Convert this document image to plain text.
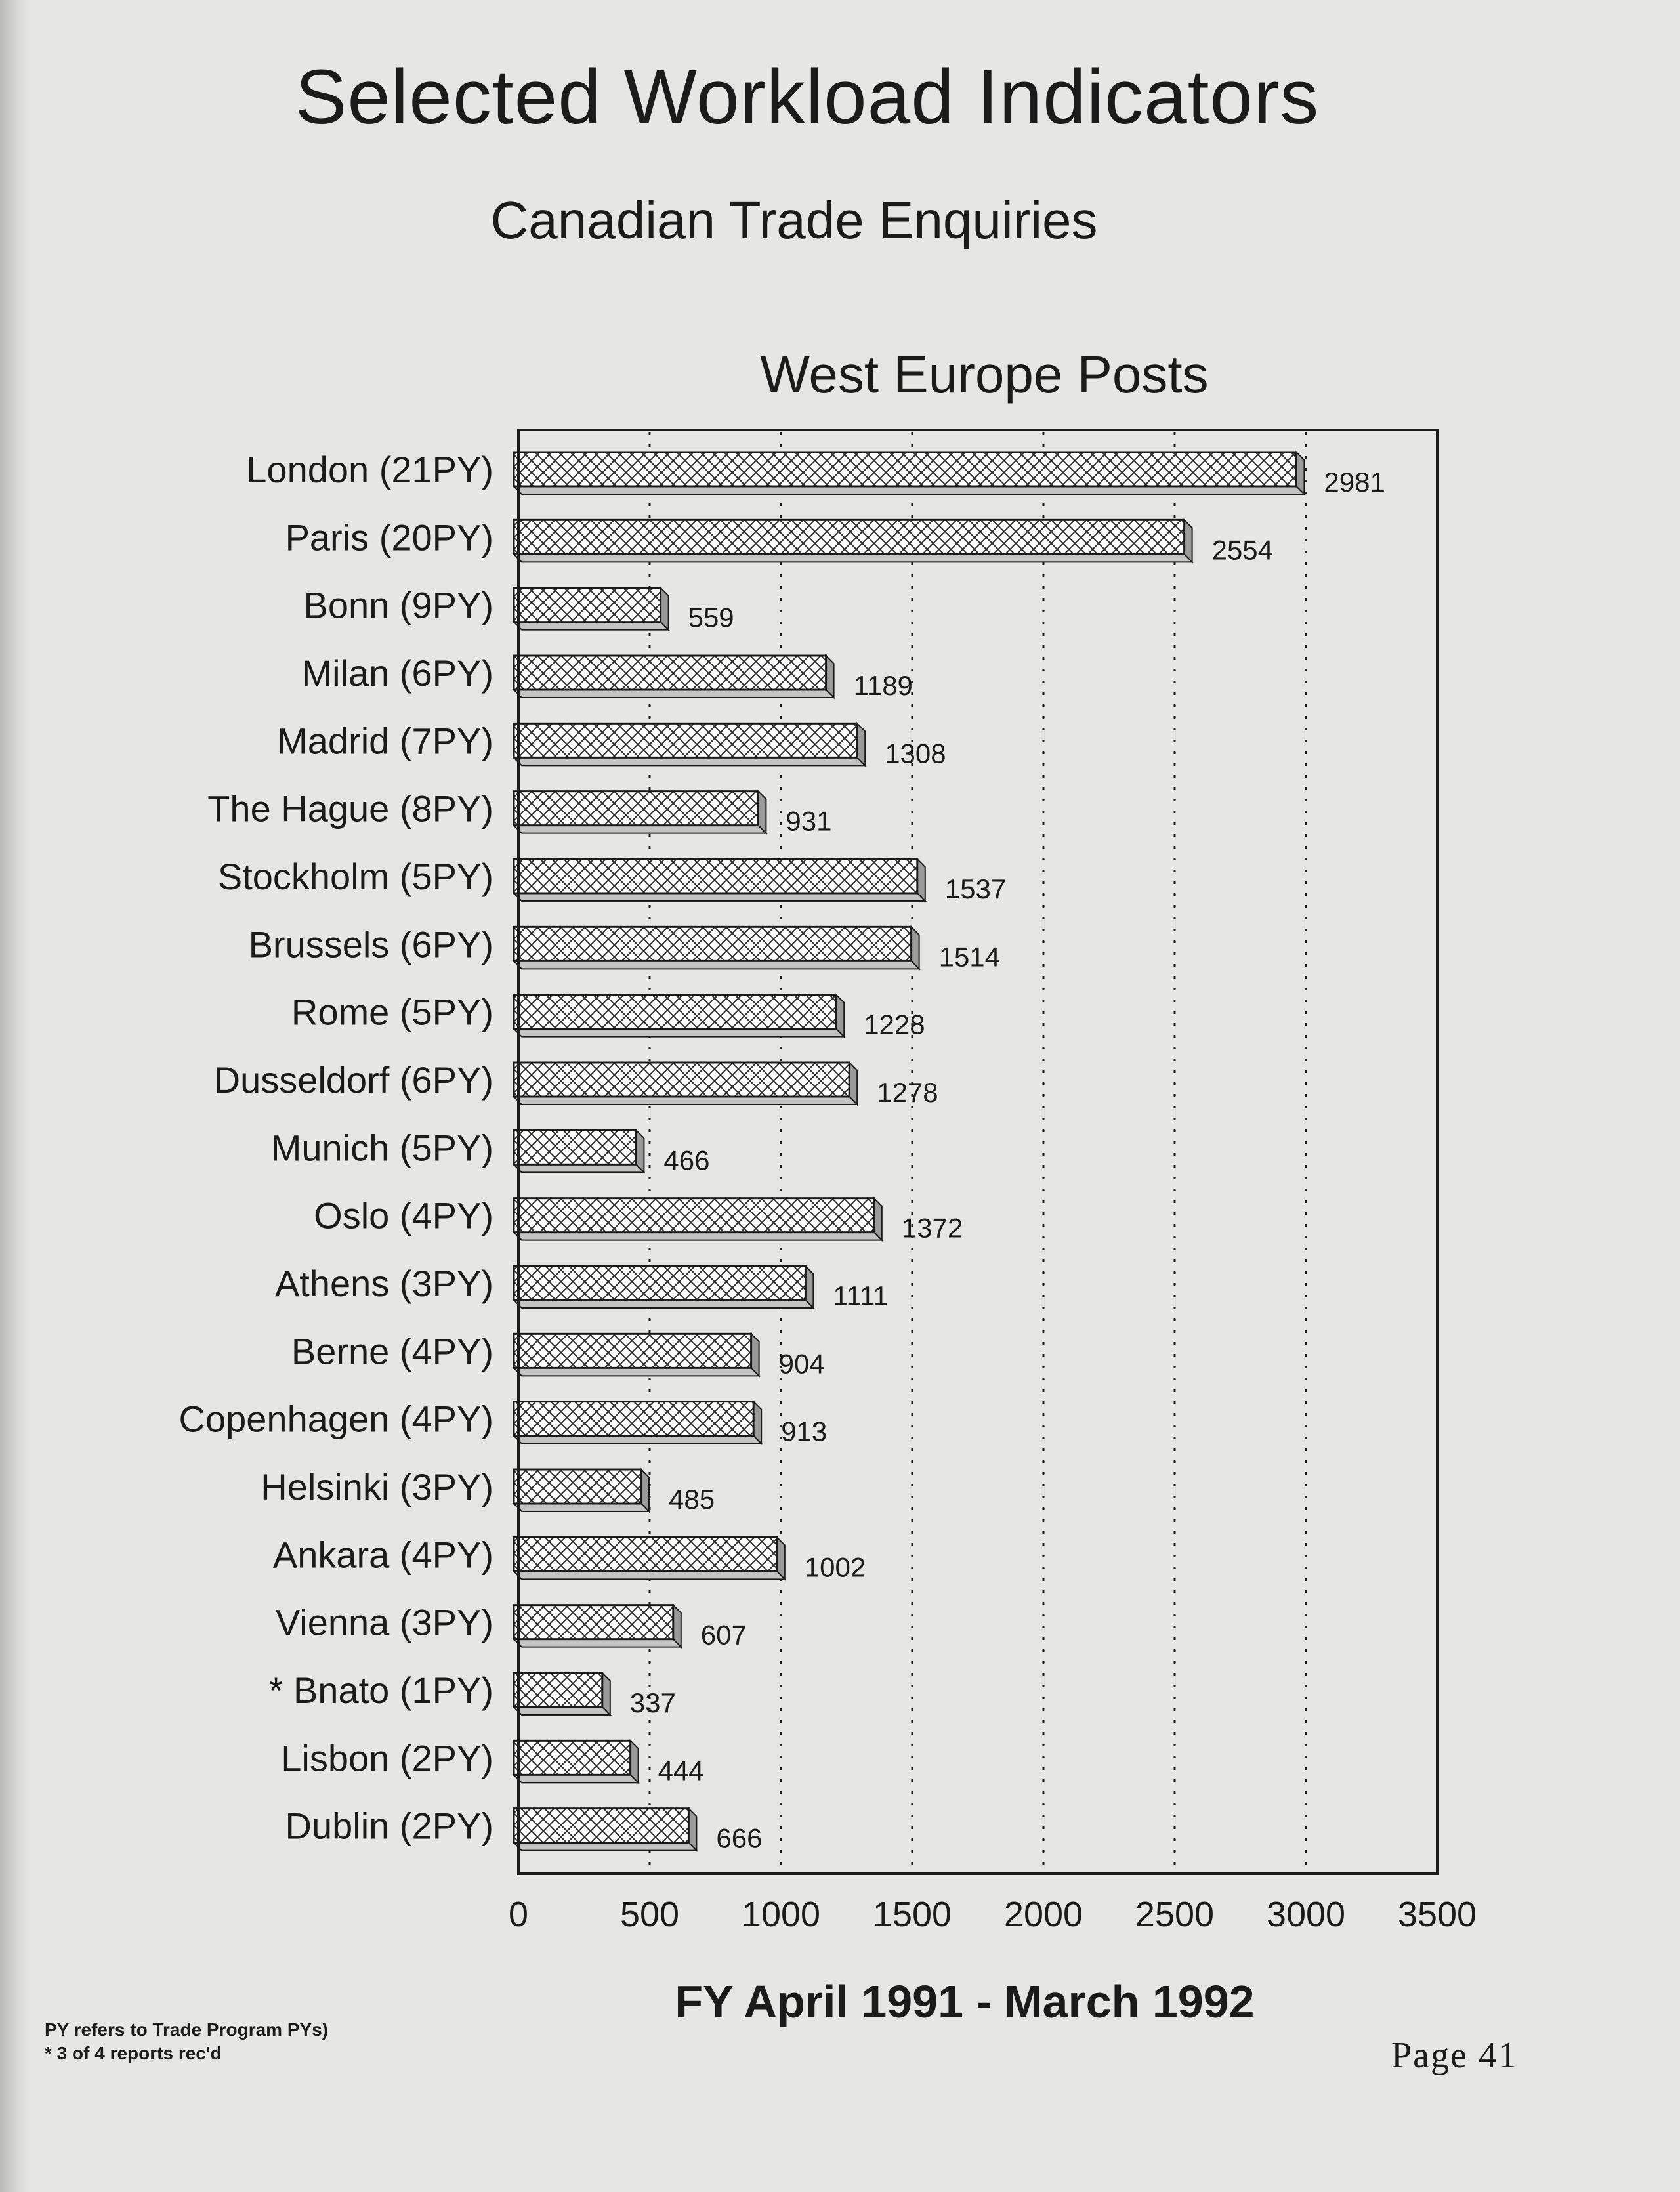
Selected Workload Indicators
Canadian Trade Enquiries
West Europe Posts
0	500 1000 1500 2000 2500 3000 3500
London (21PY)	2981
Paris (20PY)	2554
Bonn (9PY)	559
Milan (6PY)	1189
Madrid (7PY)	1308
The Hague (8PY)	931
Stockholm (5PY)	1537
Brussels (6PY)	1514
Rome (5PY)	1228
Dusseldorf (6PY)	1278
Munich (5PY)	466
Oslo (4PY)	1372
Athens (3PY)	1111
Berne (4PY)	904
Copenhagen (4PY)	913
Helsinki (3PY)	485
Ankara (4PY)	1002
Vienna (3PY)	607
* Bnato (1PY)	337
Lisbon (2PY)	444
Dublin (2PY)	666
FY April 1991 - March 1992
PY refers to Trade Program PYs)
* 3 of 4 reports rec'd	Page 41
